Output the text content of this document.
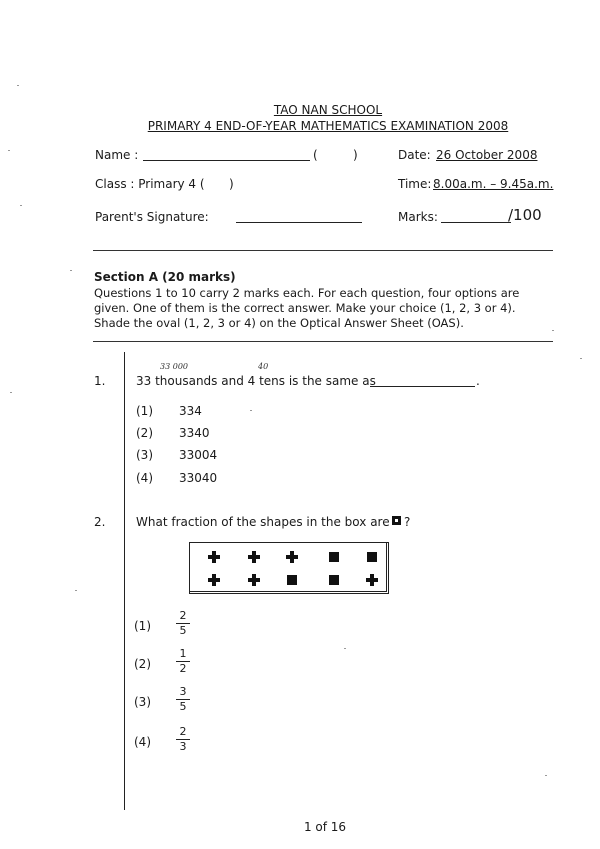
TAO NAN SCHOOL
PRIMARY 4 END-OF-YEAR MATHEMATICS EXAMINATION 2008
Name :	(	)	Date: 26 October 2008
Class : Primary 4 ( )	Time: 8.00a.m. – 9.45a.m.
Parent's Signature:	Marks:	/100
Section A (20 marks)
Questions 1 to 10 carry 2 marks each. For each question, four options are
given. One of them is the correct answer. Make your choice (1, 2, 3 or 4).
Shade the oval (1, 2, 3 or 4) on the Optical Answer Sheet (OAS).
33 000	40
1.	33 thousands and 4 tens is the same as	.
(1) 334
(2) 3340
(3) 33004
(4) 33040
2.	What fraction of the shapes in the box are ?
(1)
2
5
(2)
1
2
(3)
3
5
(4)
2
3
1 of 16
